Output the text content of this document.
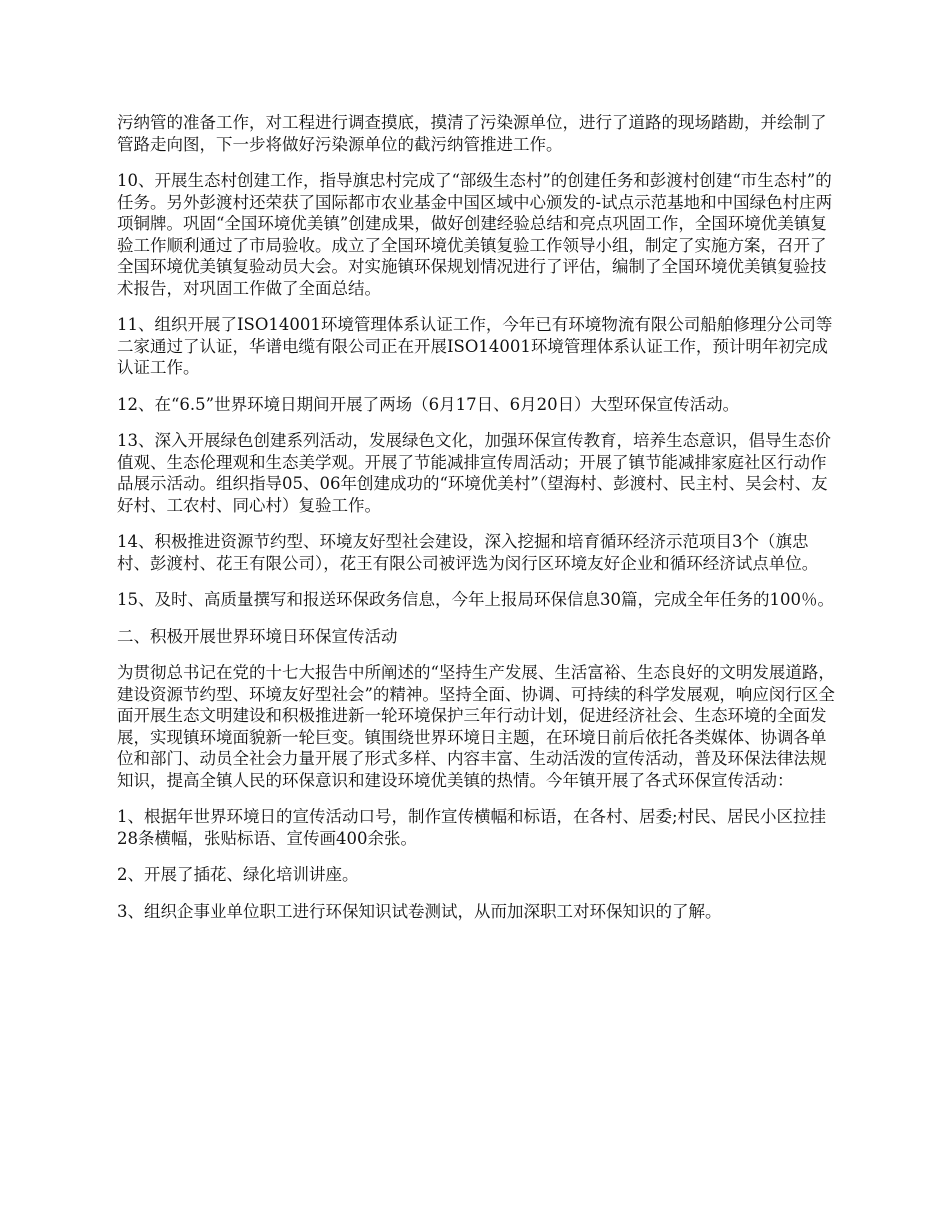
污纳管的准备工作，对工程进行调查摸底，摸清了污染源单位，进行了道路的现场踏勘，并绘制了管路走向图，下一步将做好污染源单位的截污纳管推进工作。

10、开展生态村创建工作，指导旗忠村完成了“部级生态村”的创建任务和彭渡村创建“市生态村”的任务。另外彭渡村还荣获了国际都市农业基金中国区域中心颁发的-试点示范基地和中国绿色村庄两项铜牌。巩固“全国环境优美镇”创建成果，做好创建经验总结和亮点巩固工作，全国环境优美镇复验工作顺利通过了市局验收。成立了全国环境优美镇复验工作领导小组，制定了实施方案，召开了全国环境优美镇复验动员大会。对实施镇环保规划情况进行了评估，编制了全国环境优美镇复验技术报告，对巩固工作做了全面总结。

11、组织开展了ISO14001环境管理体系认证工作，今年已有环境物流有限公司船舶修理分公司等二家通过了认证，华谱电缆有限公司正在开展ISO14001环境管理体系认证工作，预计明年初完成认证工作。

12、在“6.5”世界环境日期间开展了两场（6月17日、6月20日）大型环保宣传活动。

13、深入开展绿色创建系列活动，发展绿色文化，加强环保宣传教育，培养生态意识，倡导生态价值观、生态伦理观和生态美学观。开展了节能减排宣传周活动；开展了镇节能减排家庭社区行动作品展示活动。组织指导05、06年创建成功的“环境优美村”（望海村、彭渡村、民主村、吴会村、友好村、工农村、同心村）复验工作。

14、积极推进资源节约型、环境友好型社会建设，深入挖掘和培育循环经济示范项目3个（旗忠村、彭渡村、花王有限公司），花王有限公司被评选为闵行区环境友好企业和循环经济试点单位。

15、及时、高质量撰写和报送环保政务信息，今年上报局环保信息30篇，完成全年任务的100％。

二、积极开展世界环境日环保宣传活动

为贯彻总书记在党的十七大报告中所阐述的“坚持生产发展、生活富裕、生态良好的文明发展道路，建设资源节约型、环境友好型社会”的精神。坚持全面、协调、可持续的科学发展观，响应闵行区全面开展生态文明建设和积极推进新一轮环境保护三年行动计划，促进经济社会、生态环境的全面发展，实现镇环境面貌新一轮巨变。镇围绕世界环境日主题，在环境日前后依托各类媒体、协调各单位和部门、动员全社会力量开展了形式多样、内容丰富、生动活泼的宣传活动，普及环保法律法规知识，提高全镇人民的环保意识和建设环境优美镇的热情。今年镇开展了各式环保宣传活动：

1、根据年世界环境日的宣传活动口号，制作宣传横幅和标语，在各村、居委;村民、居民小区拉挂28条横幅，张贴标语、宣传画400余张。

2、开展了插花、绿化培训讲座。

3、组织企事业单位职工进行环保知识试卷测试，从而加深职工对环保知识的了解。
